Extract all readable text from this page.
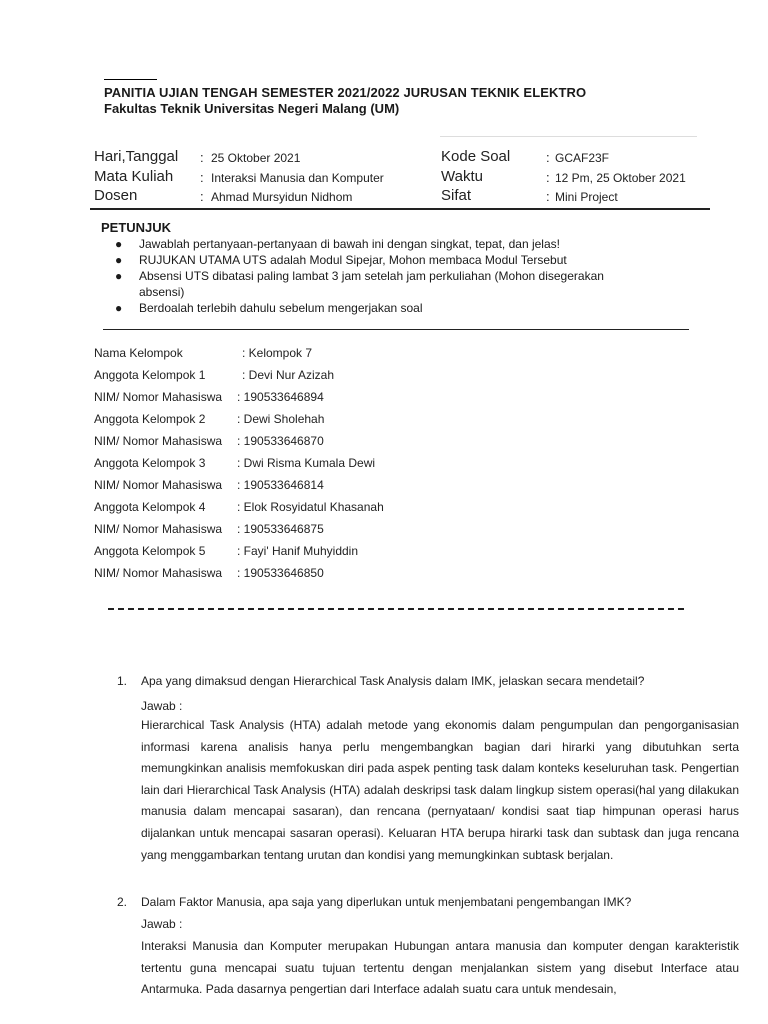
PANITIA UJIAN TENGAH SEMESTER 2021/2022 JURUSAN TEKNIK ELEKTRO
Fakultas Teknik Universitas Negeri Malang (UM)
Hari,Tanggal : 25 Oktober 2021
Mata Kuliah : Interaksi Manusia dan Komputer
Dosen	: Ahmad Mursyidun Nidhom
Kode Soal	: GCAF23F
Waktu	: 12 Pm, 25 Oktober 2021
Sifat	: Mini Project
PETUNJUK
● Jawablah pertanyaan-pertanyaan di bawah ini dengan singkat, tepat, dan jelas!
● RUJUKAN UTAMA UTS adalah Modul Sipejar, Mohon membaca Modul Tersebut
● Absensi UTS dibatasi paling lambat 3 jam setelah jam perkuliahan (Mohon disegerakan absensi)
● Berdoalah terlebih dahulu sebelum mengerjakan soal
Nama Kelompok	: Kelompok 7
Anggota Kelompok 1	: Devi Nur Azizah
NIM/ Nomor Mahasiswa : 190533646894
Anggota Kelompok 2	: Dewi Sholehah
NIM/ Nomor Mahasiswa : 190533646870
Anggota Kelompok 3	: Dwi Risma Kumala Dewi
NIM/ Nomor Mahasiswa : 190533646814
Anggota Kelompok 4	: Elok Rosyidatul Khasanah
NIM/ Nomor Mahasiswa : 190533646875
Anggota Kelompok 5	: Fayi' Hanif Muhyiddin
NIM/ Nomor Mahasiswa : 190533646850
1. Apa yang dimaksud dengan Hierarchical Task Analysis dalam IMK, jelaskan secara mendetail?
Jawab :
Hierarchical Task Analysis (HTA) adalah metode yang ekonomis dalam pengumpulan dan pengorganisasian informasi karena analisis hanya perlu mengembangkan bagian dari hirarki yang dibutuhkan serta memungkinkan analisis memfokuskan diri pada aspek penting task dalam konteks keseluruhan task. Pengertian lain dari Hierarchical Task Analysis (HTA) adalah deskripsi task dalam lingkup sistem operasi(hal yang dilakukan manusia dalam mencapai sasaran), dan rencana (pernyataan/ kondisi saat tiap himpunan operasi harus dijalankan untuk mencapai sasaran operasi). Keluaran HTA berupa hirarki task dan subtask dan juga rencana yang menggambarkan tentang urutan dan kondisi yang memungkinkan subtask berjalan.
2. Dalam Faktor Manusia, apa saja yang diperlukan untuk menjembatani pengembangan IMK?
Jawab :
Interaksi Manusia dan Komputer merupakan Hubungan antara manusia dan komputer dengan karakteristik tertentu guna mencapai suatu tujuan tertentu dengan menjalankan sistem yang disebut Interface atau Antarmuka. Pada dasarnya pengertian dari Interface adalah suatu cara untuk mendesain,
